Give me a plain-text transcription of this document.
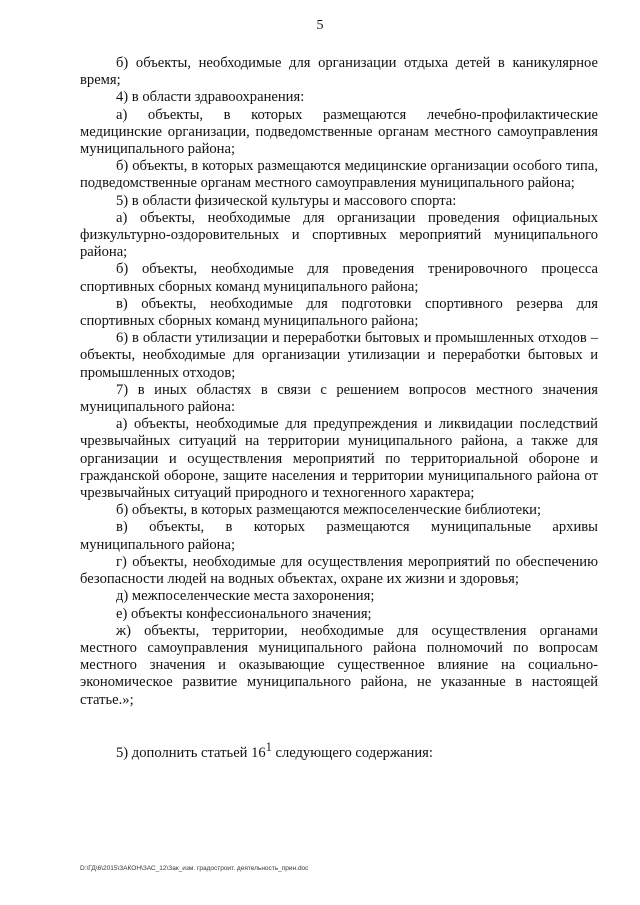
5

б) объекты, необходимые для организации отдыха детей в каникулярное время;

4) в области здравоохранения:

а) объекты, в которых размещаются лечебно-профилактические медицинские организации, подведомственные органам местного самоуправления муниципального района;

б) объекты, в которых размещаются медицинские организации особого типа, подведомственные органам местного самоуправления муниципального района;

5) в области физической культуры и массового спорта:

а) объекты, необходимые для организации проведения официальных физкультурно-оздоровительных и спортивных мероприятий муниципального района;

б) объекты, необходимые для проведения тренировочного процесса спортивных сборных команд муниципального района;

в) объекты, необходимые для подготовки спортивного резерва для спортивных сборных команд муниципального района;

6) в области утилизации и переработки бытовых и промышленных отходов – объекты, необходимые для организации утилизации и переработки бытовых и промышленных отходов;

7) в иных областях в связи с решением вопросов местного значения муниципального района:

а) объекты, необходимые для предупреждения и ликвидации последствий чрезвычайных ситуаций на территории муниципального района, а также для организации и осуществления мероприятий по территориальной обороне и гражданской обороне, защите населения и территории муниципального района от чрезвычайных ситуаций природного и техногенного характера;

б) объекты, в которых размещаются межпоселенческие библиотеки;

в) объекты, в которых размещаются муниципальные архивы муниципального района;

г) объекты, необходимые для осуществления мероприятий по обеспечению безопасности людей на водных объектах, охране их жизни и здоровья;

д) межпоселенческие места захоронения;

е) объекты конфессионального значения;

ж) объекты, территории, необходимые для осуществления органами местного самоуправления муниципального района полномочий по вопросам местного значения и оказывающие существенное влияние на социально-экономическое развитие муниципального района, не указанные в настоящей статье.»;

5) дополнить статьей $16^1$ следующего содержания:

D:\ГД\6\2015\ЗАКОН\ЗАС_12\Зак_изм. градостроит. деятельность_прин.doc
